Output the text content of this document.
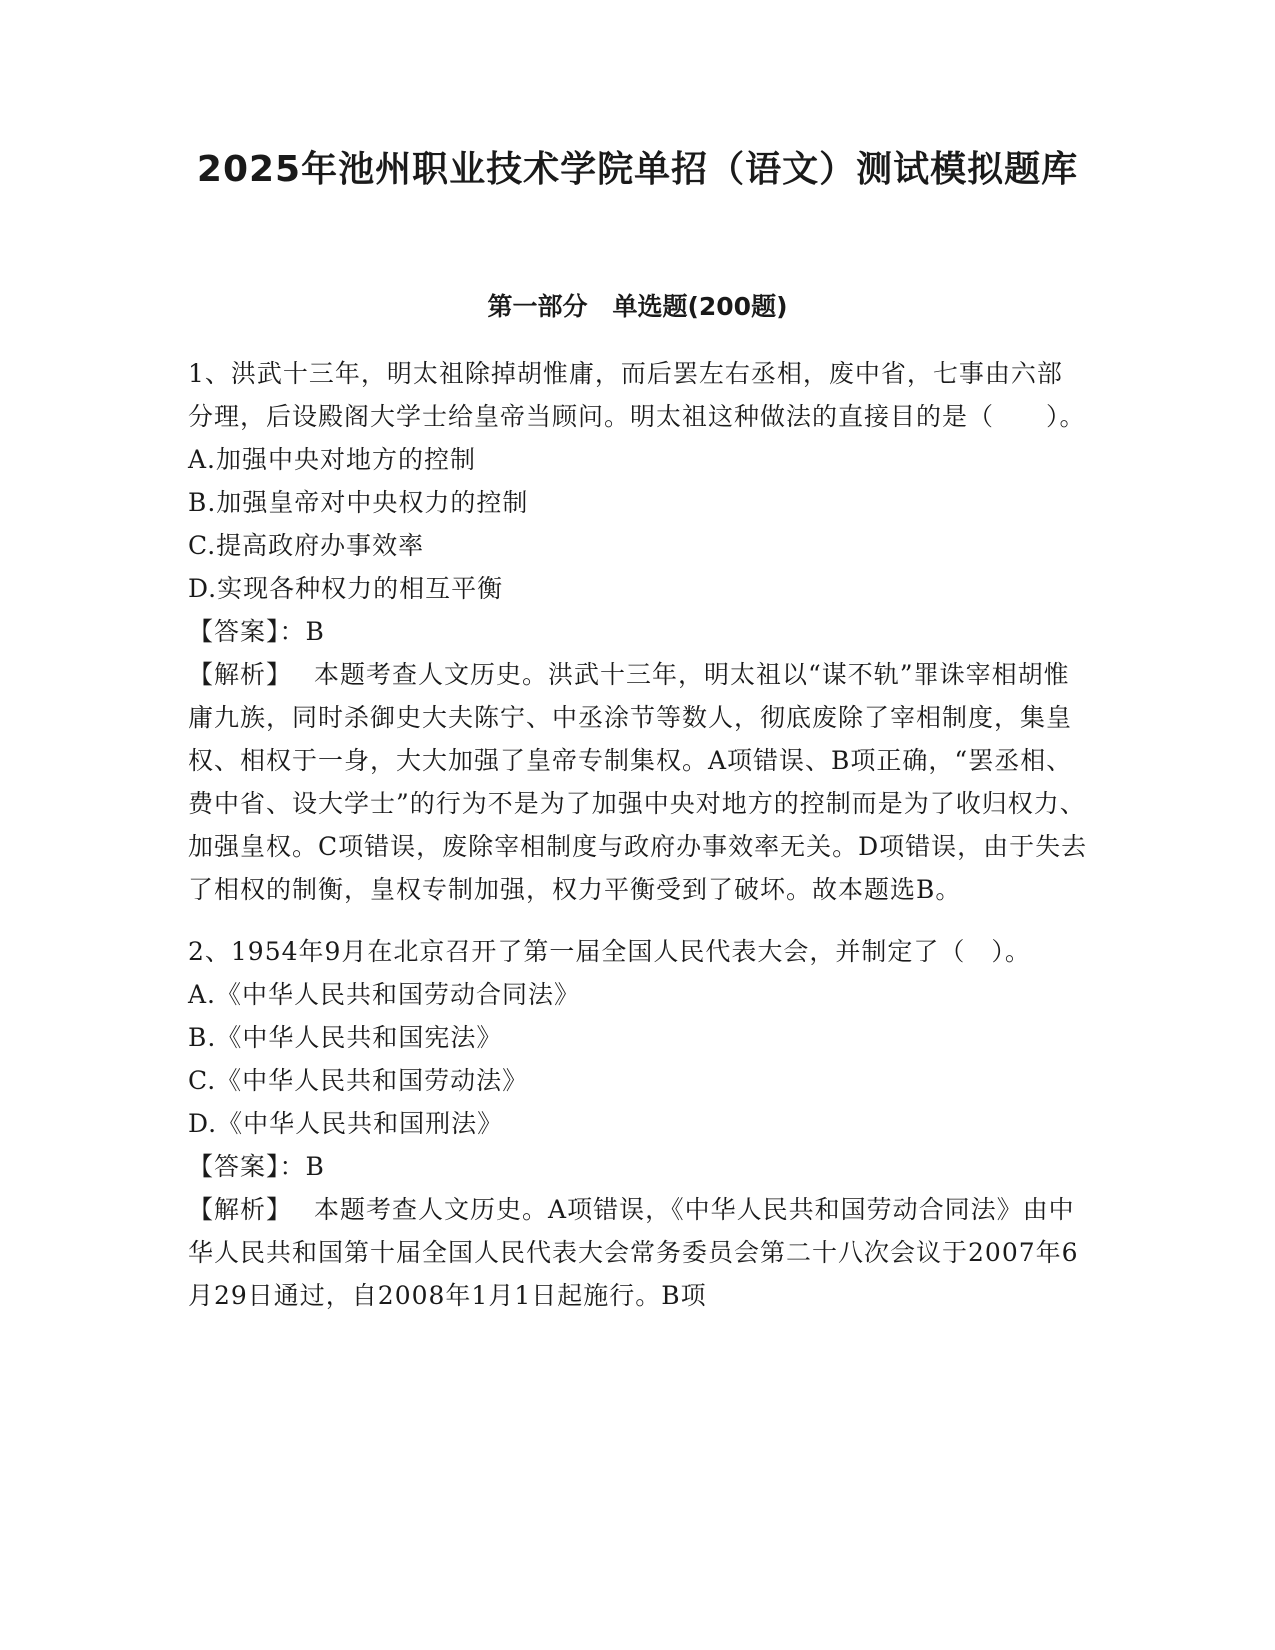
2025年池州职业技术学院单招（语文）测试模拟题库
第一部分　单选题(200题)

1、洪武十三年，明太祖除掉胡惟庸，而后罢左右丞相，废中省，七事由六部分理，后设殿阁大学士给皇帝当顾问。明太祖这种做法的直接目的是（　　）。

A.加强中央对地方的控制

B.加强皇帝对中央权力的控制

C.提高政府办事效率

D.实现各种权力的相互平衡

【答案】：B

【解析】 本题考查人文历史。洪武十三年，明太祖以“谋不轨”罪诛宰相胡惟庸九族，同时杀御史大夫陈宁、中丞涂节等数人，彻底废除了宰相制度，集皇权、相权于一身，大大加强了皇帝专制集权。A项错误、B项正确，“罢丞相、费中省、设大学士”的行为不是为了加强中央对地方的控制而是为了收归权力、加强皇权。C项错误，废除宰相制度与政府办事效率无关。D项错误，由于失去了相权的制衡，皇权专制加强，权力平衡受到了破坏。故本题选B。

2、1954年9月在北京召开了第一届全国人民代表大会，并制定了（　）。

A.《中华人民共和国劳动合同法》

B.《中华人民共和国宪法》

C.《中华人民共和国劳动法》

D.《中华人民共和国刑法》

【答案】：B

【解析】 本题考查人文历史。A项错误，《中华人民共和国劳动合同法》由中华人民共和国第十届全国人民代表大会常务委员会第二十八次会议于2007年6月29日通过，自2008年1月1日起施行。B项
